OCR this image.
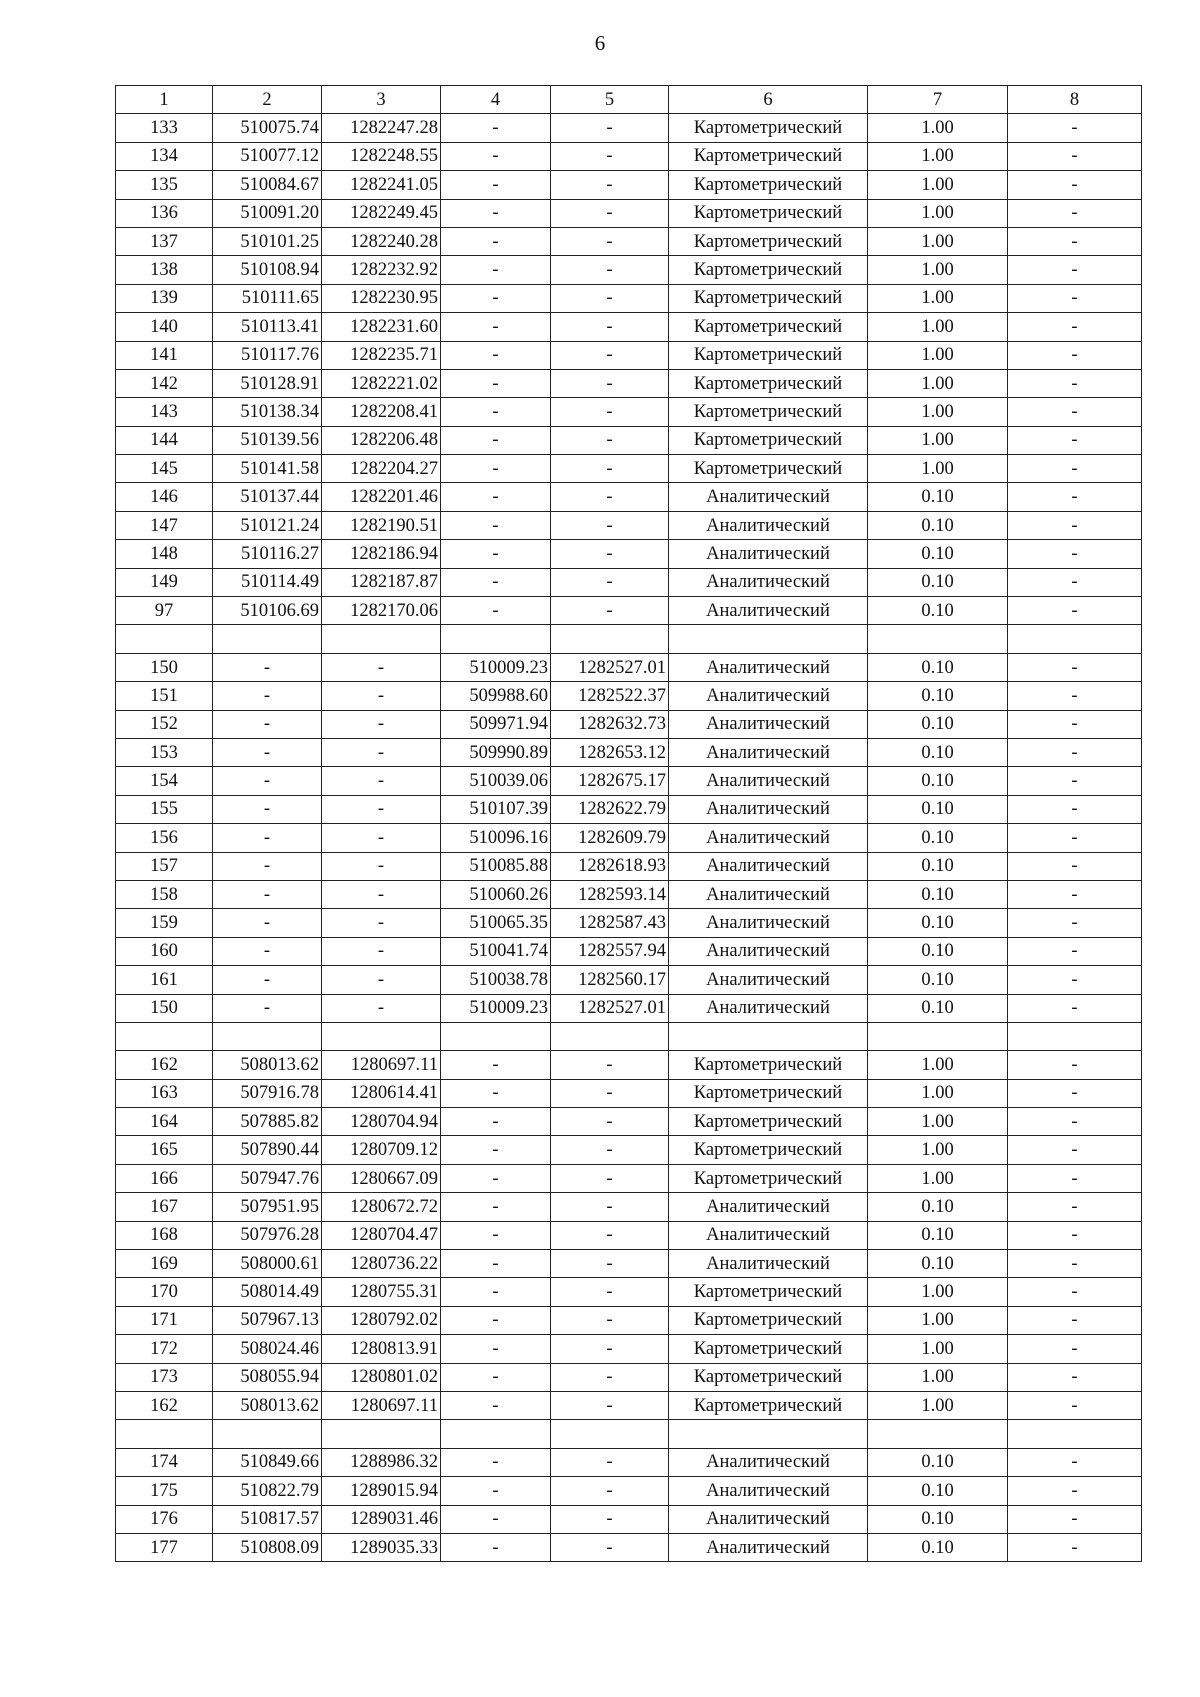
6
1	2	3	4	5	6	7	8
133	510075.74	1282247.28	-	-	Картометрический	1.00	-
134	510077.12	1282248.55	-	-	Картометрический	1.00	-
135	510084.67	1282241.05	-	-	Картометрический	1.00	-
136	510091.20	1282249.45	-	-	Картометрический	1.00	-
137	510101.25	1282240.28	-	-	Картометрический	1.00	-
138	510108.94	1282232.92	-	-	Картометрический	1.00	-
139	510111.65	1282230.95	-	-	Картометрический	1.00	-
140	510113.41	1282231.60	-	-	Картометрический	1.00	-
141	510117.76	1282235.71	-	-	Картометрический	1.00	-
142	510128.91	1282221.02	-	-	Картометрический	1.00	-
143	510138.34	1282208.41	-	-	Картометрический	1.00	-
144	510139.56	1282206.48	-	-	Картометрический	1.00	-
145	510141.58	1282204.27	-	-	Картометрический	1.00	-
146	510137.44	1282201.46	-	-	Аналитический	0.10	-
147	510121.24	1282190.51	-	-	Аналитический	0.10	-
148	510116.27	1282186.94	-	-	Аналитический	0.10	-
149	510114.49	1282187.87	-	-	Аналитический	0.10	-
97	510106.69	1282170.06	-	-	Аналитический	0.10	-

150	-	-	510009.23	1282527.01	Аналитический	0.10	-
151	-	-	509988.60	1282522.37	Аналитический	0.10	-
152	-	-	509971.94	1282632.73	Аналитический	0.10	-
153	-	-	509990.89	1282653.12	Аналитический	0.10	-
154	-	-	510039.06	1282675.17	Аналитический	0.10	-
155	-	-	510107.39	1282622.79	Аналитический	0.10	-
156	-	-	510096.16	1282609.79	Аналитический	0.10	-
157	-	-	510085.88	1282618.93	Аналитический	0.10	-
158	-	-	510060.26	1282593.14	Аналитический	0.10	-
159	-	-	510065.35	1282587.43	Аналитический	0.10	-
160	-	-	510041.74	1282557.94	Аналитический	0.10	-
161	-	-	510038.78	1282560.17	Аналитический	0.10	-
150	-	-	510009.23	1282527.01	Аналитический	0.10	-

162	508013.62	1280697.11	-	-	Картометрический	1.00	-
163	507916.78	1280614.41	-	-	Картометрический	1.00	-
164	507885.82	1280704.94	-	-	Картометрический	1.00	-
165	507890.44	1280709.12	-	-	Картометрический	1.00	-
166	507947.76	1280667.09	-	-	Картометрический	1.00	-
167	507951.95	1280672.72	-	-	Аналитический	0.10	-
168	507976.28	1280704.47	-	-	Аналитический	0.10	-
169	508000.61	1280736.22	-	-	Аналитический	0.10	-
170	508014.49	1280755.31	-	-	Картометрический	1.00	-
171	507967.13	1280792.02	-	-	Картометрический	1.00	-
172	508024.46	1280813.91	-	-	Картометрический	1.00	-
173	508055.94	1280801.02	-	-	Картометрический	1.00	-
162	508013.62	1280697.11	-	-	Картометрический	1.00	-

174	510849.66	1288986.32	-	-	Аналитический	0.10	-
175	510822.79	1289015.94	-	-	Аналитический	0.10	-
176	510817.57	1289031.46	-	-	Аналитический	0.10	-
177	510808.09	1289035.33	-	-	Аналитический	0.10	-
